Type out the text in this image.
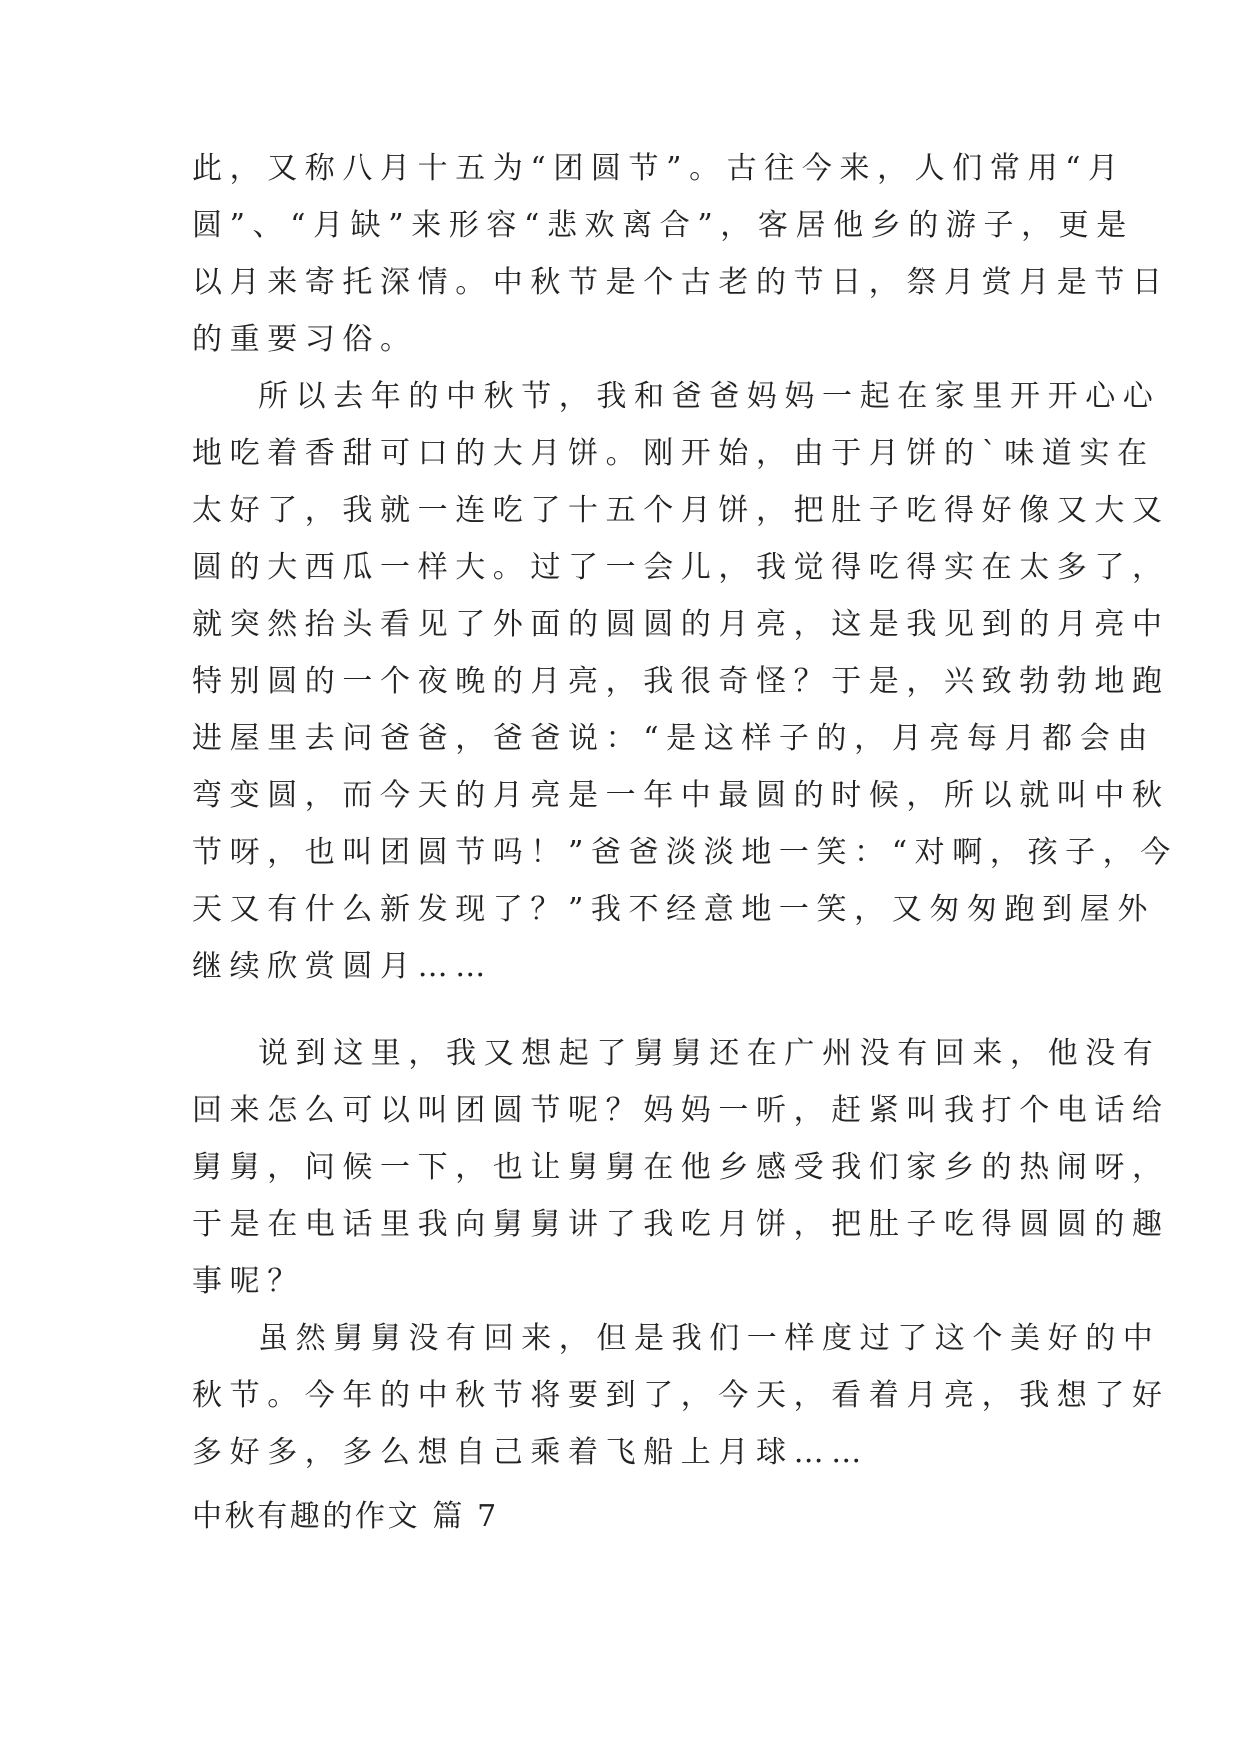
此，又称八月十五为“团圆节”。古往今来，人们常用“月
圆”、“月缺”来形容“悲欢离合”，客居他乡的游子，更是
以月来寄托深情。中秋节是个古老的节日，祭月赏月是节日
的重要习俗。
所以去年的中秋节，我和爸爸妈妈一起在家里开开心心
地吃着香甜可口的大月饼。刚开始，由于月饼的`味道实在
太好了，我就一连吃了十五个月饼，把肚子吃得好像又大又
圆的大西瓜一样大。过了一会儿，我觉得吃得实在太多了，
就突然抬头看见了外面的圆圆的月亮，这是我见到的月亮中
特别圆的一个夜晚的月亮，我很奇怪？于是，兴致勃勃地跑
进屋里去问爸爸，爸爸说：“是这样子的，月亮每月都会由
弯变圆，而今天的月亮是一年中最圆的时候，所以就叫中秋
节呀，也叫团圆节吗！”爸爸淡淡地一笑：“对啊，孩子，今
天又有什么新发现了？”我不经意地一笑，又匆匆跑到屋外
继续欣赏圆月……
说到这里，我又想起了舅舅还在广州没有回来，他没有
回来怎么可以叫团圆节呢？妈妈一听，赶紧叫我打个电话给
舅舅，问候一下，也让舅舅在他乡感受我们家乡的热闹呀，
于是在电话里我向舅舅讲了我吃月饼，把肚子吃得圆圆的趣
事呢？
虽然舅舅没有回来，但是我们一样度过了这个美好的中
秋节。今年的中秋节将要到了，今天，看着月亮，我想了好
多好多，多么想自己乘着飞船上月球……
中秋有趣的作文 篇 7
